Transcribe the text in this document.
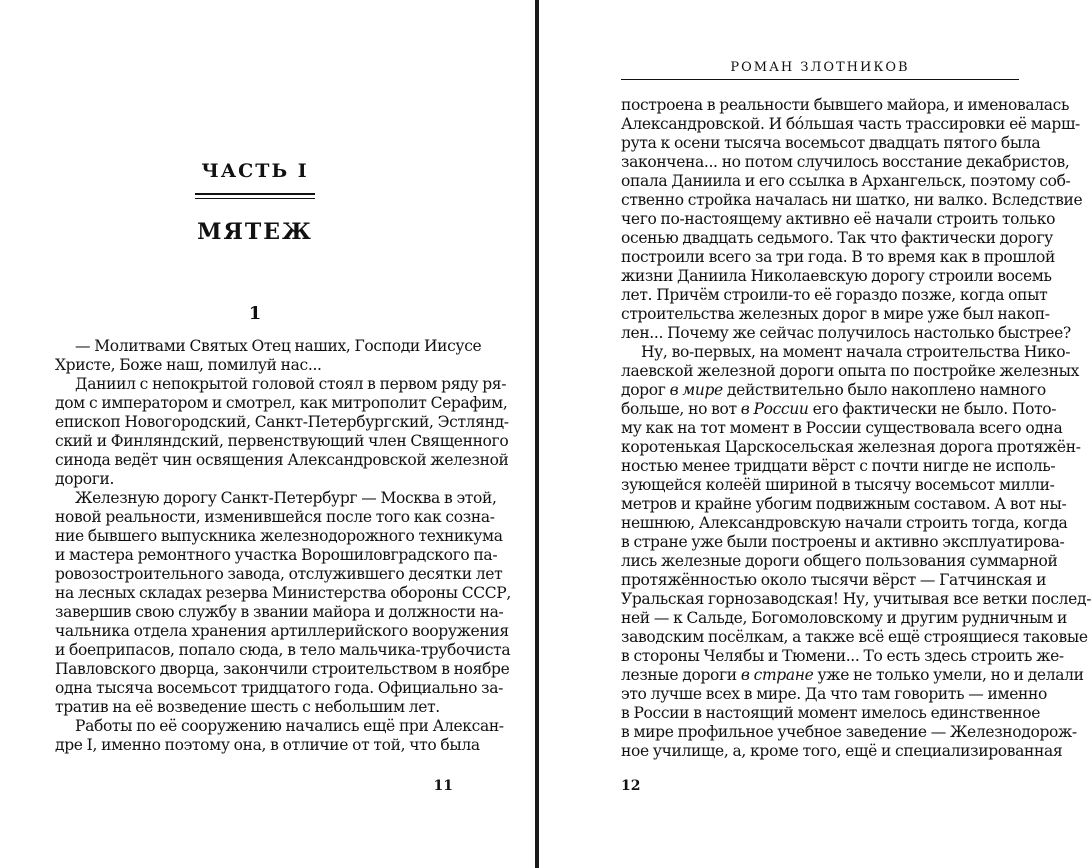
ЧАСТЬ I
МЯТЕЖ
1
— Молитвами Святых Отец наших, Господи Иисусе
Христе, Боже наш, помилуй нас...
Даниил с непокрытой головой стоял в первом ряду ря-
дом с императором и смотрел, как митрополит Серафим,
епископ Новогородский, Санкт-Петербургский, Эстлянд-
ский и Финляндский, первенствующий член Священного
синода ведёт чин освящения Александровской железной
дороги.
Железную дорогу Санкт-Петербург — Москва в этой,
новой реальности, изменившейся после того как созна-
ние бывшего выпускника железнодорожного техникума
и мастера ремонтного участка Ворошиловградского па-
ровозостроительного завода, отслужившего десятки лет
на лесных складах резерва Министерства обороны СССР,
завершив свою службу в звании майора и должности на-
чальника отдела хранения артиллерийского вооружения
и боеприпасов, попало сюда, в тело мальчика-трубочиста
Павловского дворца, закончили строительством в ноябре
одна тысяча восемьсот тридцатого года. Официально за-
тратив на её возведение шесть с небольшим лет.
Работы по её сооружению начались ещё при Алексан-
дре I, именно поэтому она, в отличие от той, что была
11
РОМАН ЗЛОТНИКОВ
построена в реальности бывшего майора, и именовалась
Александровской. И бóльшая часть трассировки её марш-
рута к осени тысяча восемьсот двадцать пятого была
закончена... но потом случилось восстание декабристов,
опала Даниила и его ссылка в Архангельск, поэтому соб-
ственно стройка началась ни шатко, ни валко. Вследствие
чего по-настоящему активно её начали строить только
осенью двадцать седьмого. Так что фактически дорогу
построили всего за три года. В то время как в прошлой
жизни Даниила Николаевскую дорогу строили восемь
лет. Причём строили-то её гораздо позже, когда опыт
строительства железных дорог в мире уже был накоп-
лен... Почему же сейчас получилось настолько быстрее?
Ну, во-первых, на момент начала строительства Нико-
лаевской железной дороги опыта по постройке железных
дорог в мире действительно было накоплено намного
больше, но вот в России его фактически не было. Пото-
му как на тот момент в России существовала всего одна
коротенькая Царскосельская железная дорога протяжён-
ностью менее тридцати вёрст с почти нигде не исполь-
зующейся колеёй шириной в тысячу восемьсот милли-
метров и крайне убогим подвижным составом. А вот ны-
нешнюю, Александровскую начали строить тогда, когда
в стране уже были построены и активно эксплуатирова-
лись железные дороги общего пользования суммарной
протяжённостью около тысячи вёрст — Гатчинская и
Уральская горнозаводская! Ну, учитывая все ветки послед-
ней — к Сальде, Богомоловскому и другим рудничным и
заводским посёлкам, а также всё ещё строящиеся таковые
в стороны Челябы и Тюмени... То есть здесь строить же-
лезные дороги в стране уже не только умели, но и делали
это лучше всех в мире. Да что там говорить — именно
в России в настоящий момент имелось единственное
в мире профильное учебное заведение — Железнодорож-
ное училище, а, кроме того, ещё и специализированная
12
